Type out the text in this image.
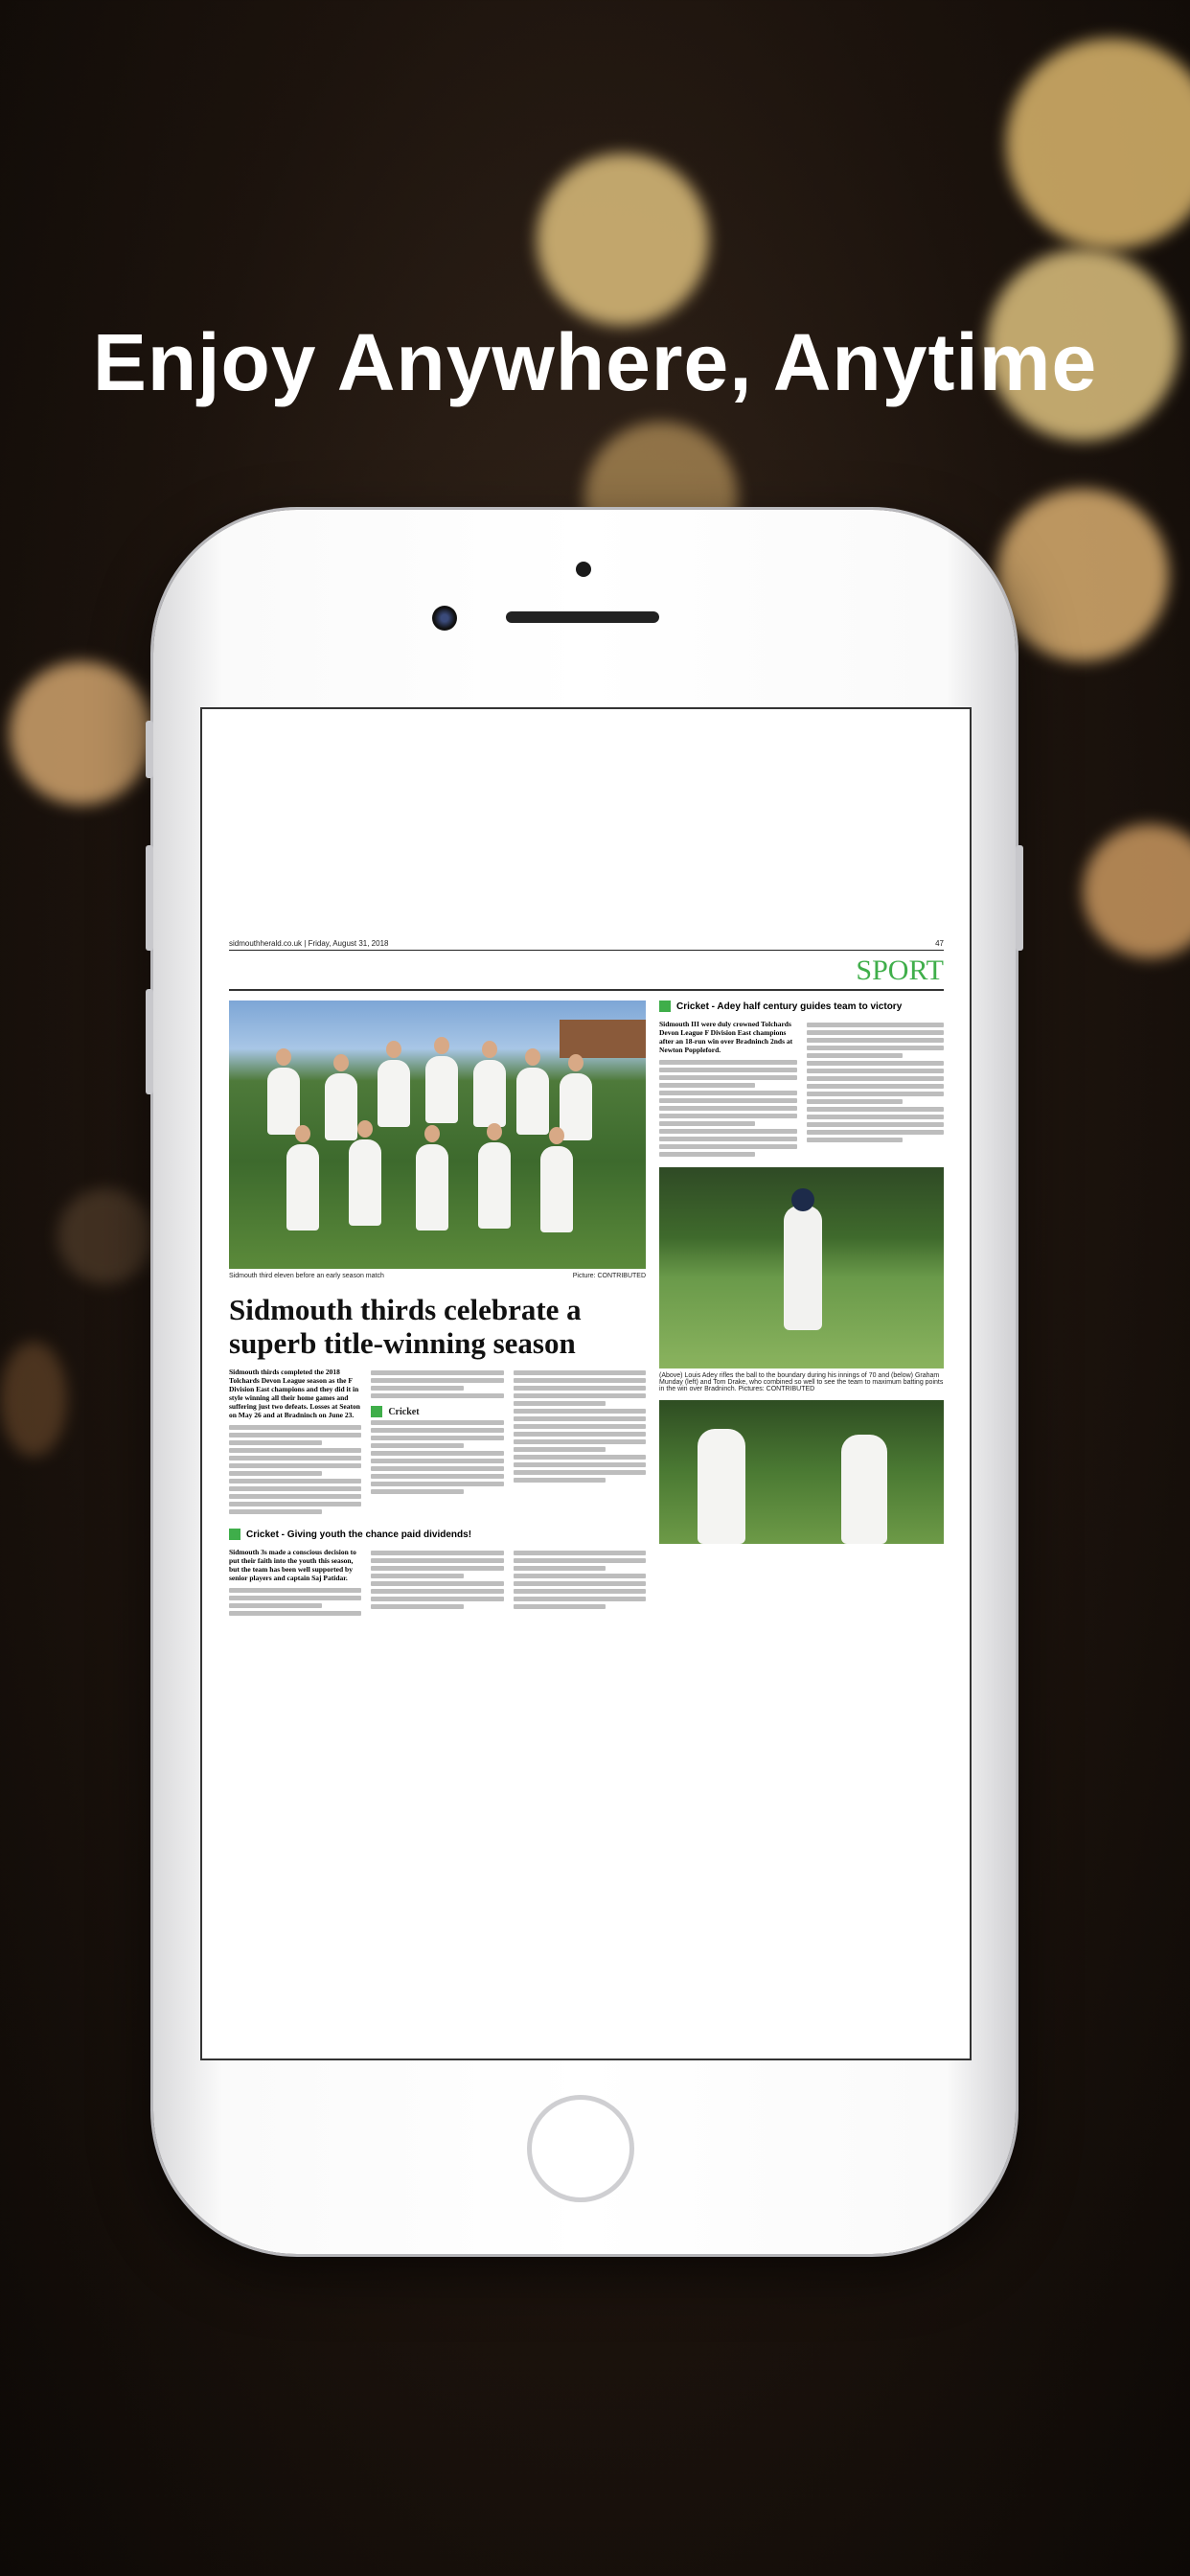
Enjoy Anywhere, Anytime
sidmouthherald.co.uk | Friday, August 31, 2018	47
SPORT
Sidmouth third eleven before an early season match	Picture: CONTRIBUTED
Sidmouth thirds celebrate a superb title-winning season
Sidmouth thirds completed the 2018 Tolchards Devon League season as the F Division East champions and they did it in style winning all their home games and suffering just two defeats. Losses at Seaton on May 26 and at Bradninch on June 23.	Cricket
Cricket - Giving youth the chance paid dividends!
Sidmouth 3s made a conscious decision to put their faith into the youth this season, but the team has been well supported by senior players and captain Saj Patidar.
Cricket - Adey half century guides team to victory
Sidmouth III were duly crowned Tolchards Devon League F Division East champions after an 18-run win over Bradninch 2nds at Newton Poppleford.
(Above) Louis Adey rifles the ball to the boundary during his innings of 70 and (below) Graham Munday (left) and Tom Drake, who combined so well to see the team to maximum batting points in the win over Bradninch. Pictures: CONTRIBUTED
